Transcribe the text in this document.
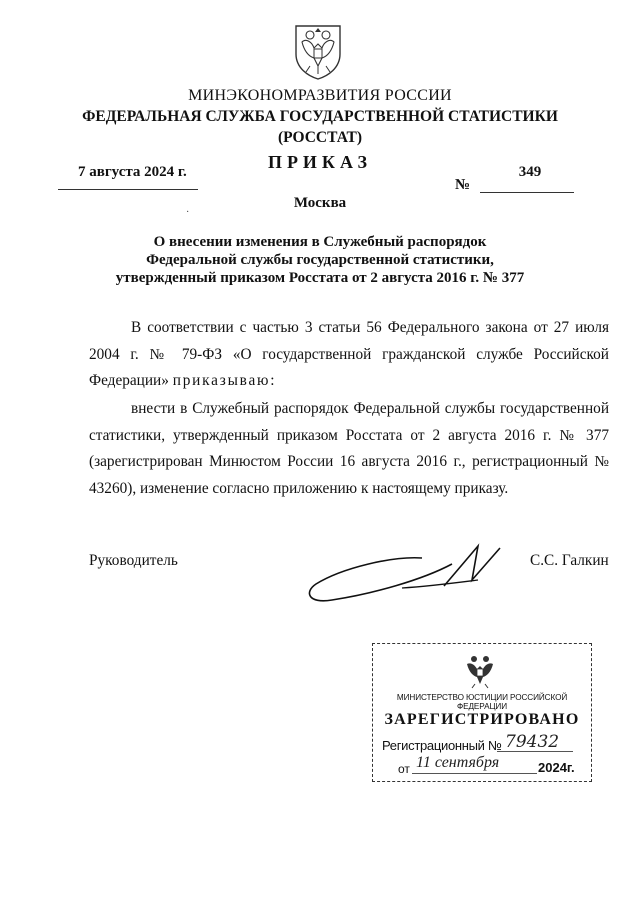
МИНЭКОНОМРАЗВИТИЯ РОССИИ
ФЕДЕРАЛЬНАЯ СЛУЖБА ГОСУДАРСТВЕННОЙ СТАТИСТИКИ
(РОССТАТ)
ПРИКАЗ
7 августа 2024 г.	349
№
Москва
·
О внесении изменения в Служебный распорядок
Федеральной службы государственной статистики,
утвержденный приказом Росстата от 2 августа 2016 г. № 377
В соответствии с частью 3 статьи 56 Федерального закона от 27 июля 2004 г. № 79-ФЗ «О государственной гражданской службе Российской Федерации» приказываю:
внести в Служебный распорядок Федеральной службы государственной статистики, утвержденный приказом Росстата от 2 августа 2016 г. № 377 (зарегистрирован Минюстом России 16 августа 2016 г., регистрационный № 43260), изменение согласно приложению к настоящему приказу.
Руководитель	С.С. Галкин
МИНИСТЕРСТВО ЮСТИЦИИ РОССИЙСКОЙ ФЕДЕРАЦИИ
ЗАРЕГИСТРИРОВАНО
Регистрационный № 79432
от 11 сентября	2024г.
